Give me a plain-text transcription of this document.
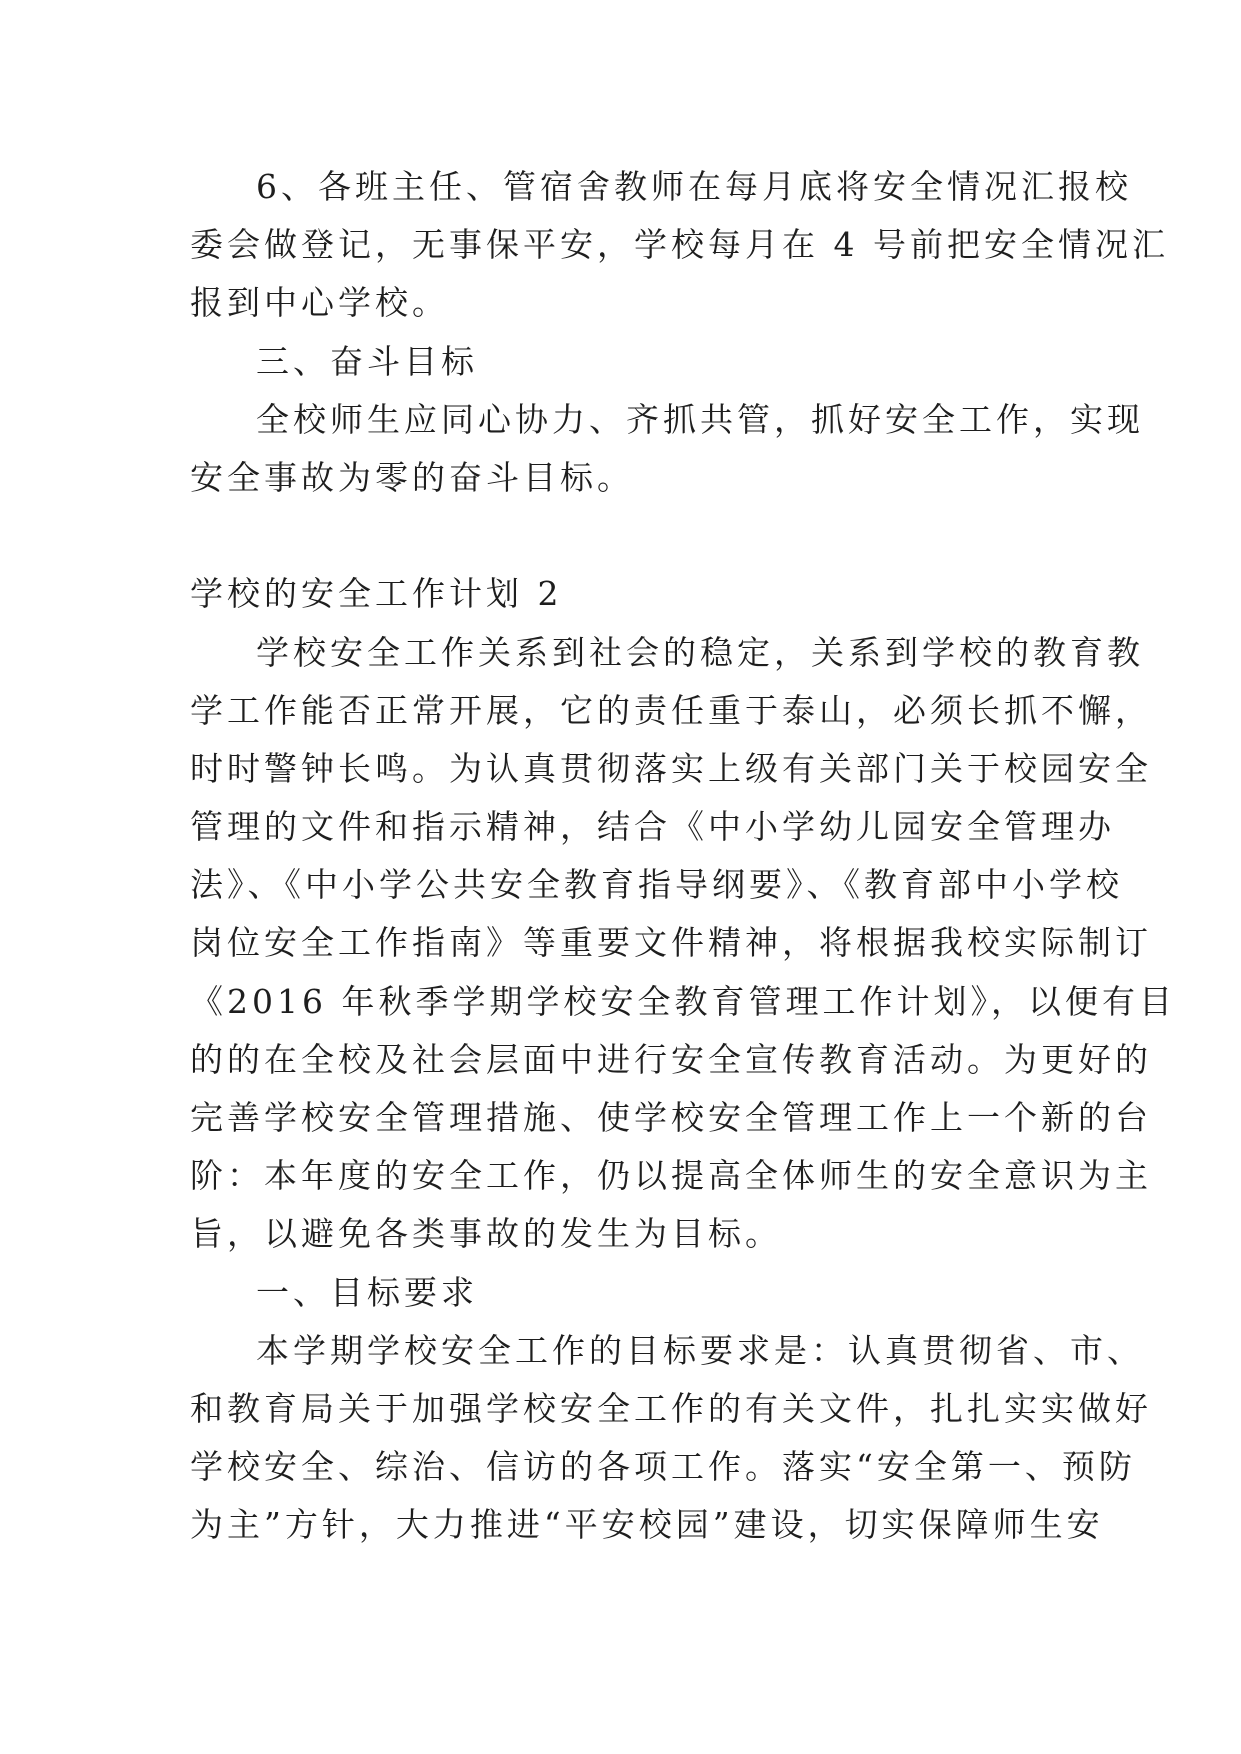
6、各班主任、管宿舍教师在每月底将安全情况汇报校
委会做登记，无事保平安，学校每月在 4 号前把安全情况汇
报到中心学校。
三、奋斗目标
全校师生应同心协力、齐抓共管，抓好安全工作，实现
安全事故为零的奋斗目标。
学校的安全工作计划 2
学校安全工作关系到社会的稳定，关系到学校的教育教
学工作能否正常开展，它的责任重于泰山，必须长抓不懈，
时时警钟长鸣。为认真贯彻落实上级有关部门关于校园安全
管理的文件和指示精神，结合《中小学幼儿园安全管理办
法》、《中小学公共安全教育指导纲要》、《教育部中小学校
岗位安全工作指南》等重要文件精神，将根据我校实际制订
《2016 年秋季学期学校安全教育管理工作计划》，以便有目
的的在全校及社会层面中进行安全宣传教育活动。为更好的
完善学校安全管理措施、使学校安全管理工作上一个新的台
阶：本年度的安全工作，仍以提高全体师生的安全意识为主
旨，以避免各类事故的发生为目标。
一、目标要求
本学期学校安全工作的目标要求是：认真贯彻省、市、
和教育局关于加强学校安全工作的有关文件，扎扎实实做好
学校安全、综治、信访的各项工作。落实“安全第一、预防
为主”方针，大力推进“平安校园”建设，切实保障师生安
